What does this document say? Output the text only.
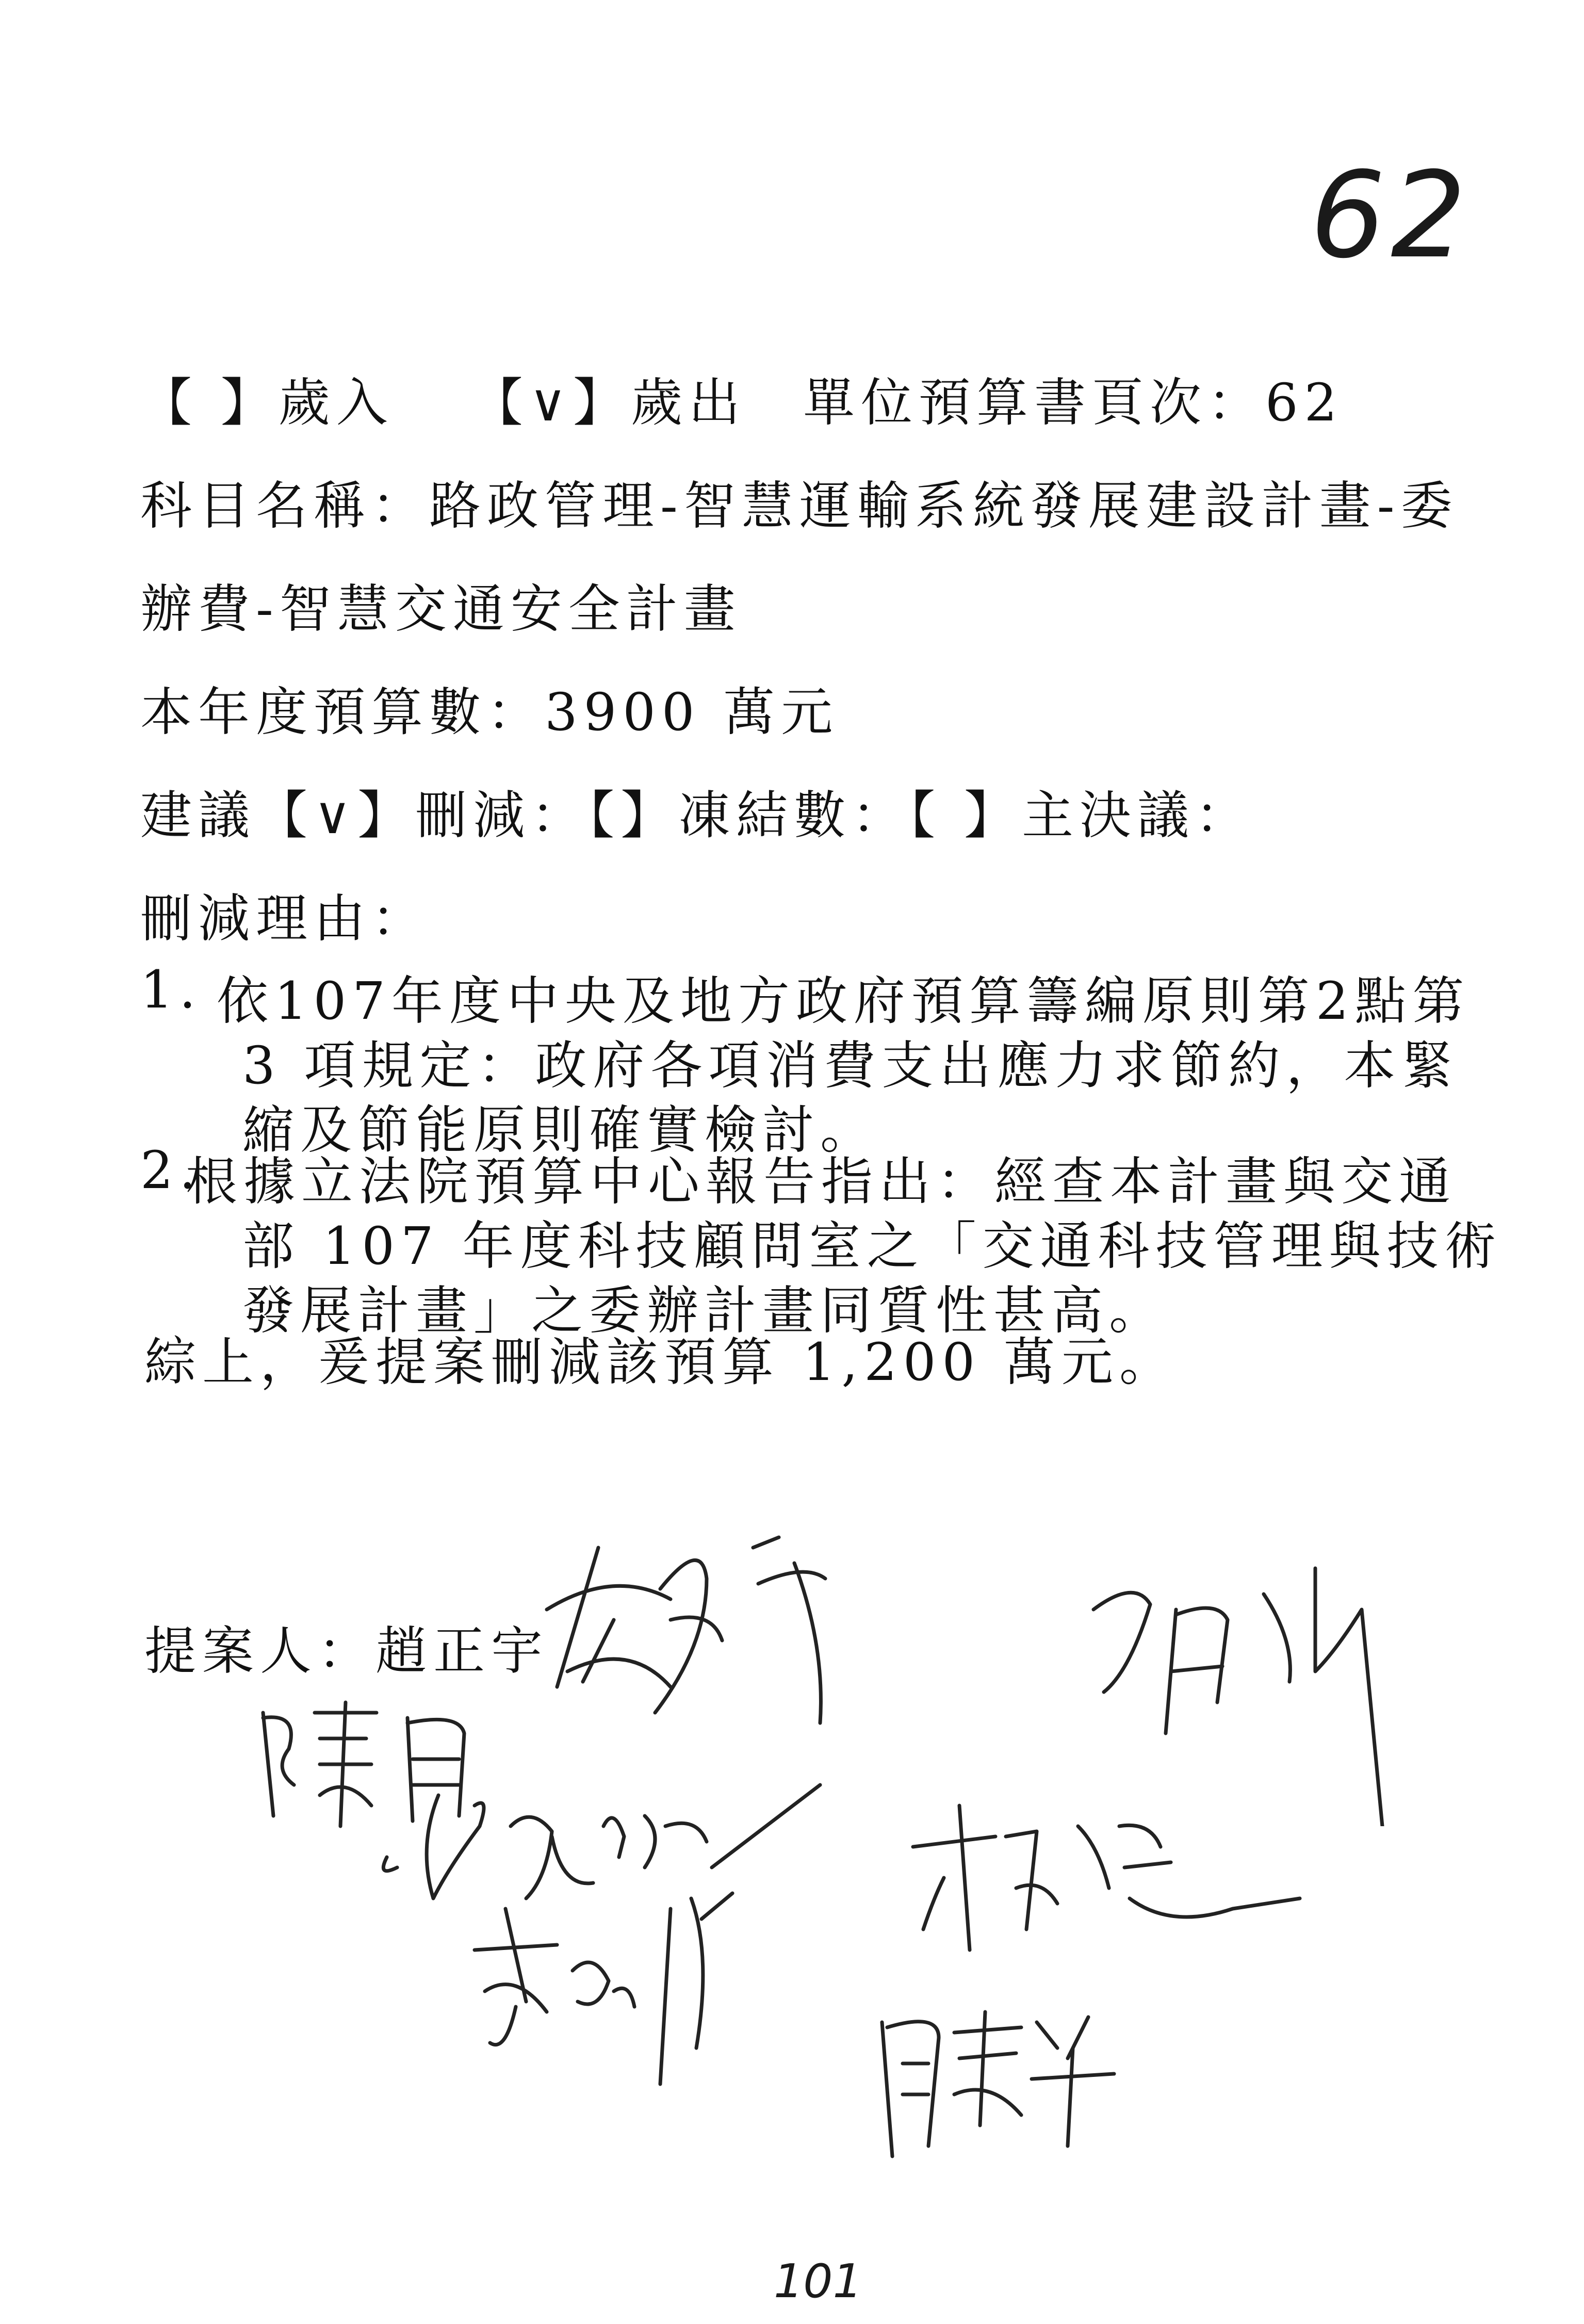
62
【 】歲入 【∨】歲出 單位預算書頁次：62
科目名稱：路政管理-智慧運輸系統發展建設計畫-委
辦費-智慧交通安全計畫
本年度預算數：3900 萬元
建議【∨】刪減：【】凍結數：【 】主決議：
刪減理由：
1. 依107年度中央及地方政府預算籌編原則第2點第
3 項規定：政府各項消費支出應力求節約，本緊
縮及節能原則確實檢討。
2.
根據立法院預算中心報告指出：經查本計畫與交通
部 107 年度科技顧問室之「交通科技管理與技術
發展計畫」之委辦計畫同質性甚高。
綜上，爰提案刪減該預算 1,200 萬元。
提案人：趙正宇
101
